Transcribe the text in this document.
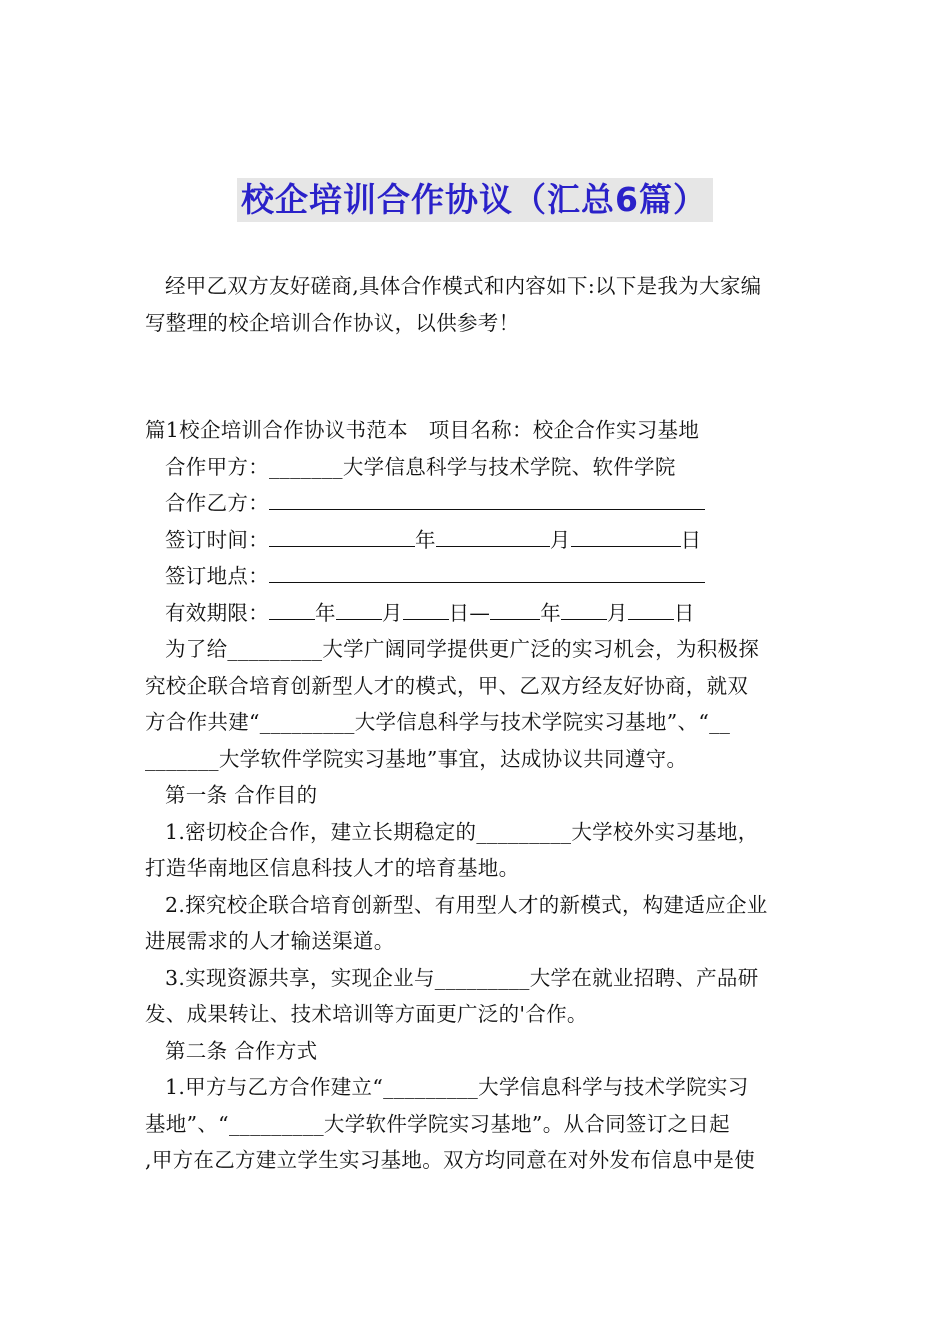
校企培训合作协议（汇总6篇）

经甲乙双方友好磋商,具体合作模式和内容如下:以下是我为大家编

写整理的校企培训合作协议，以供参考！

篇1校企培训合作协议书范本　项目名称：校企合作实习基地

合作甲方：_______大学信息科学与技术学院、软件学院

合作乙方：

签订时间：	年	月	日

签订地点：

有效期限： 年 月 日— 年 月 日

为了给_________大学广阔同学提供更广泛的实习机会，为积极探

究校企联合培育创新型人才的模式，甲、乙双方经友好协商，就双

方合作共建“_________大学信息科学与技术学院实习基地”、“__

_______大学软件学院实习基地”事宜，达成协议共同遵守。

第一条 合作目的

1.密切校企合作，建立长期稳定的_________大学校外实习基地，

打造华南地区信息科技人才的培育基地。

2.探究校企联合培育创新型、有用型人才的新模式，构建适应企业

进展需求的人才输送渠道。

3.实现资源共享，实现企业与_________大学在就业招聘、产品研

发、成果转让、技术培训等方面更广泛的'合作。

第二条 合作方式

1.甲方与乙方合作建立“_________大学信息科学与技术学院实习

基地”、“_________大学软件学院实习基地”。从合同签订之日起

,甲方在乙方建立学生实习基地。双方均同意在对外发布信息中是使
